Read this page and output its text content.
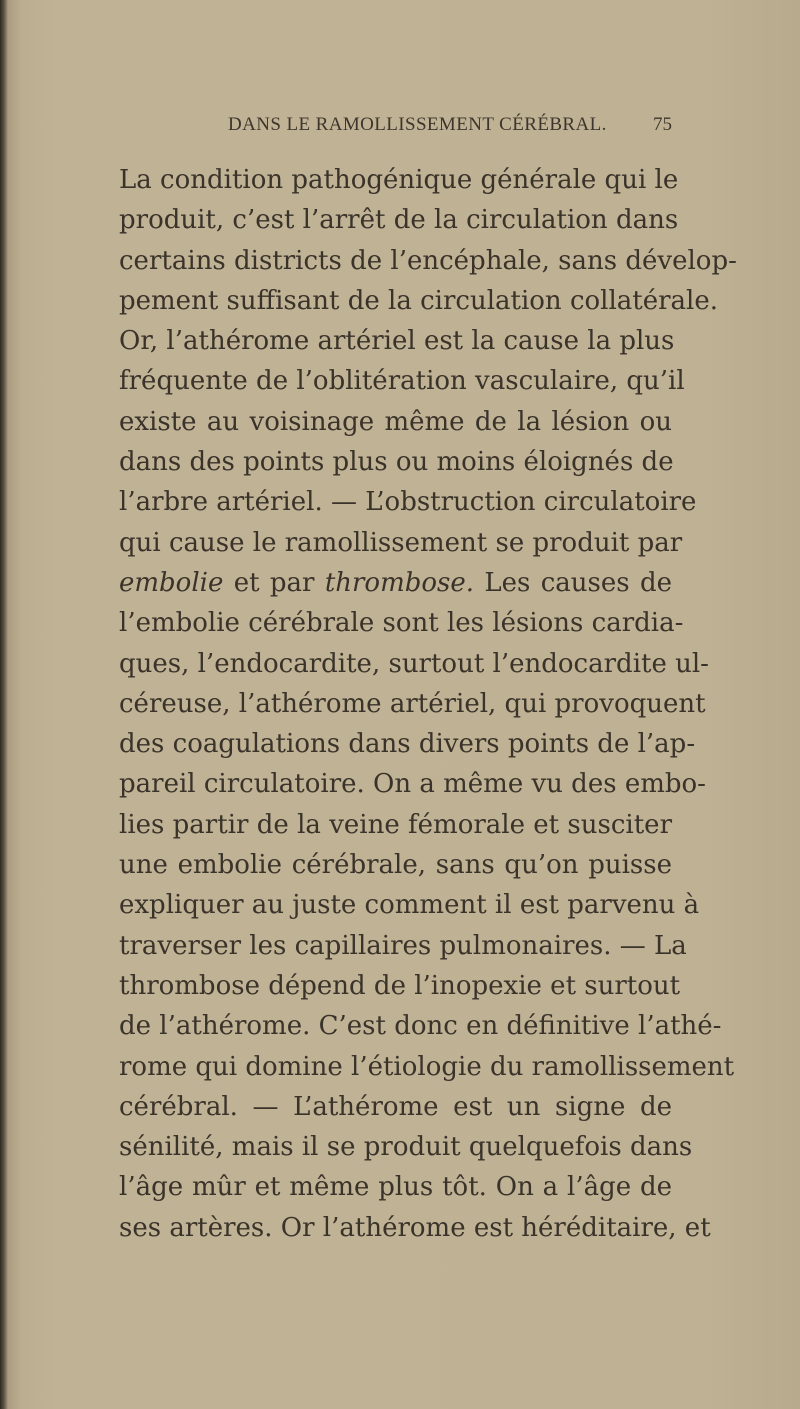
DANS LE RAMOLLISSEMENT CÉRÉBRAL. 75
La condition pathogénique générale qui le
produit, c’est l’arrêt de la circulation dans
certains districts de l’encéphale, sans dévelop-
pement suffisant de la circulation collatérale.
Or, l’athérome artériel est la cause la plus
fréquente de l’oblitération vasculaire, qu’il
existe au voisinage même de la lésion ou
dans des points plus ou moins éloignés de
l’arbre artériel. — L’obstruction circulatoire
qui cause le ramollissement se produit par
embolie et par thrombose. Les causes de
l’embolie cérébrale sont les lésions cardia-
ques, l’endocardite, surtout l’endocardite ul-
céreuse, l’athérome artériel, qui provoquent
des coagulations dans divers points de l’ap-
pareil circulatoire. On a même vu des embo-
lies partir de la veine fémorale et susciter
une embolie cérébrale, sans qu’on puisse
expliquer au juste comment il est parvenu à
traverser les capillaires pulmonaires. — La
thrombose dépend de l’inopexie et surtout
de l’athérome. C’est donc en définitive l’athé-
rome qui domine l’étiologie du ramollissement
cérébral. — L’athérome est un signe de
sénilité, mais il se produit quelquefois dans
l’âge mûr et même plus tôt. On a l’âge de
ses artères. Or l’athérome est héréditaire, et
